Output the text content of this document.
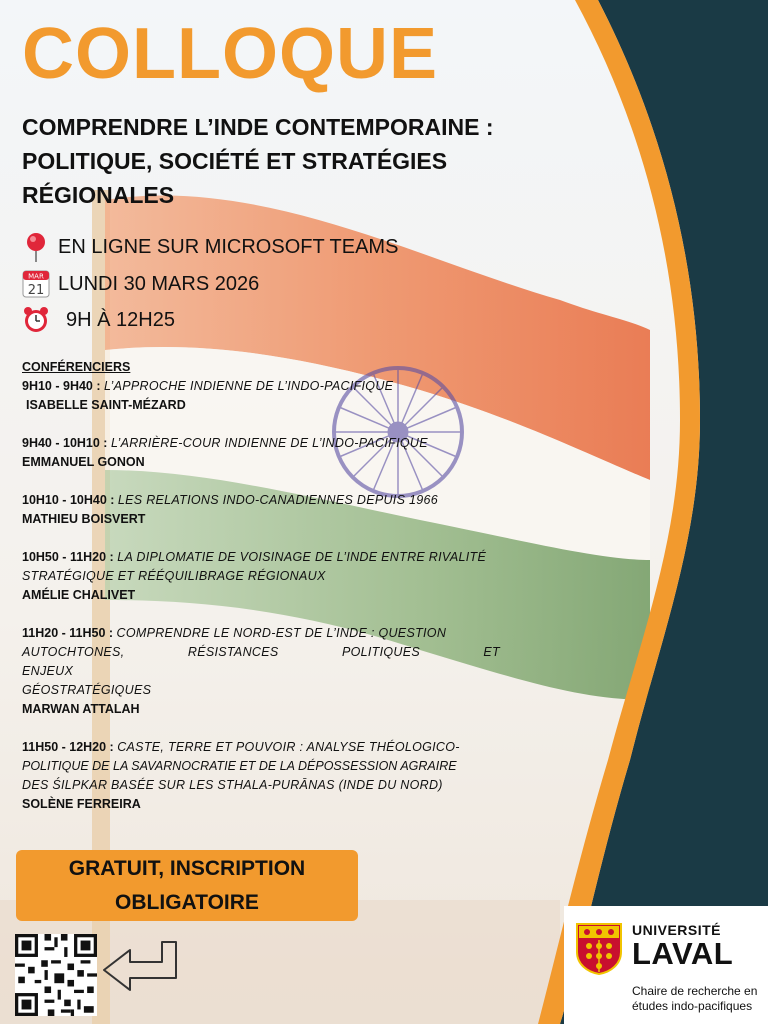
COLLOQUE
COMPRENDRE L’INDE CONTEMPORAINE :
POLITIQUE, SOCIÉTÉ ET STRATÉGIES
RÉGIONALES
EN LIGNE SUR MICROSOFT TEAMS
MAR
21 LUNDI 30 MARS 2026
9H À 12H25
CONFÉRENCIERS
9H10 - 9H40 : L’APPROCHE INDIENNE DE L’INDO-PACIFIQUE
ISABELLE SAINT-MÉZARD
9H40 - 10H10 : L’ARRIÈRE-COUR INDIENNE DE L’INDO-PACIFIQUE
EMMANUEL GONON
10H10 - 10H40 : LES RELATIONS INDO-CANADIENNES DEPUIS 1966
MATHIEU BOISVERT
10H50 - 11H20 : LA DIPLOMATIE DE VOISINAGE DE L’INDE ENTRE RIVALITÉ
STRATÉGIQUE ET RÉÉQUILIBRAGE RÉGIONAUX
AMÉLIE CHALIVET
11H20 - 11H50 : COMPRENDRE LE NORD-EST DE L’INDE : QUESTION
AUTOCHTONES, RÉSISTANCES POLITIQUES ET ENJEUX
GÉOSTRATÉGIQUES
MARWAN ATTALAH
11H50 - 12H20 : CASTE, TERRE ET POUVOIR : ANALYSE THÉOLOGICO-
POLITIQUE DE LA SAVARNOCRATIE ET DE LA DÉPOSSESSION AGRAIRE
DES ŚILPKAR BASÉE SUR LES STHALA-PURĀNAS (INDE DU NORD)
SOLÈNE FERREIRA
GRATUIT, INSCRIPTION
OBLIGATOIRE
UNIVERSITÉ
LAVAL
Chaire de recherche en
études indo-pacifiques
